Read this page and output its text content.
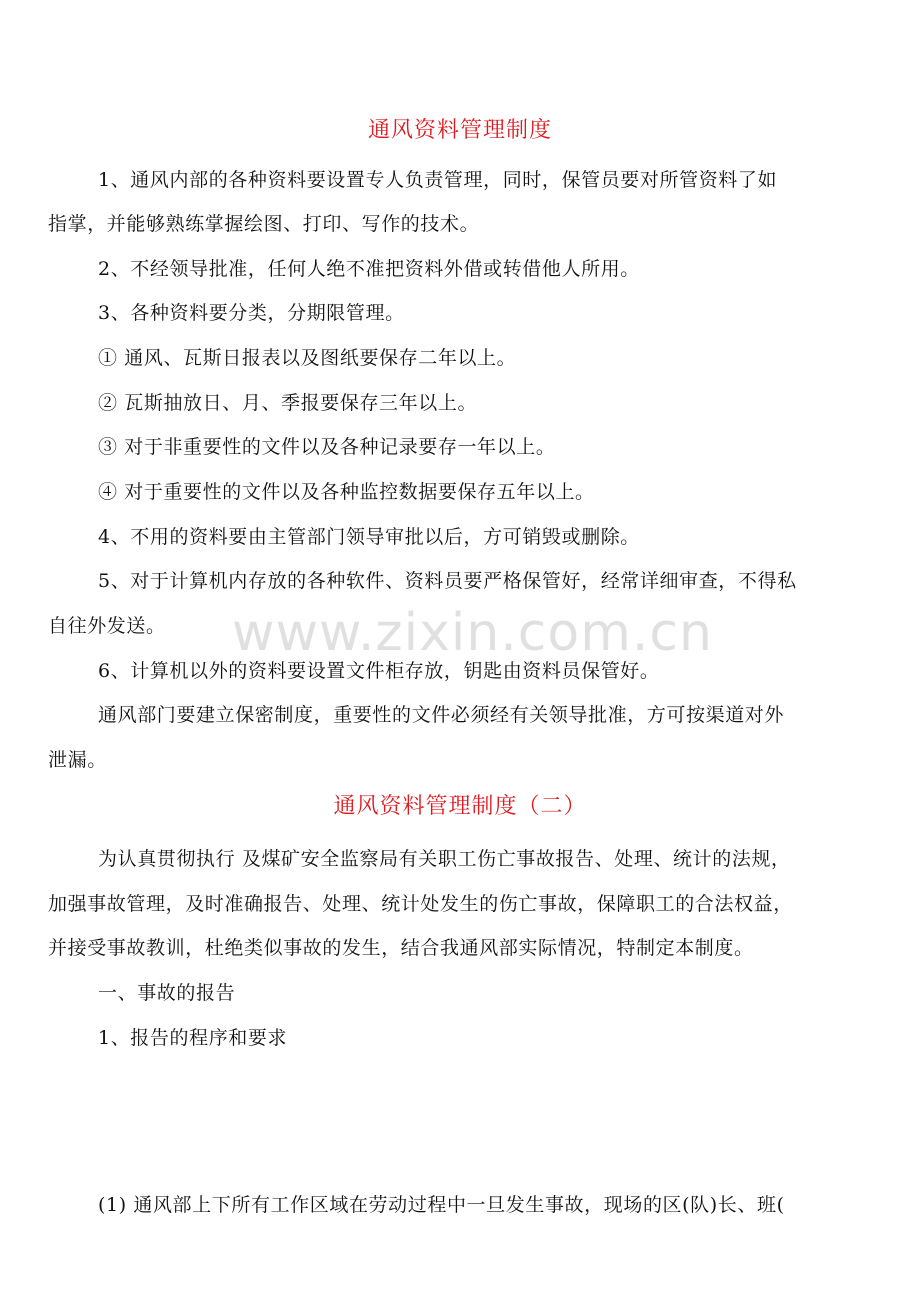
通风资料管理制度
1、通风内部的各种资料要设置专人负责管理，同时，保管员要对所管资料了如
指掌，并能够熟练掌握绘图、打印、写作的技术。
2、不经领导批准，任何人绝不准把资料外借或转借他人所用。
3、各种资料要分类，分期限管理。
① 通风、瓦斯日报表以及图纸要保存二年以上。
② 瓦斯抽放日、月、季报要保存三年以上。
③ 对于非重要性的文件以及各种记录要存一年以上。
④ 对于重要性的文件以及各种监控数据要保存五年以上。
4、不用的资料要由主管部门领导审批以后，方可销毁或删除。
5、对于计算机内存放的各种软件、资料员要严格保管好，经常详细审查，不得私
自往外发送。
6、计算机以外的资料要设置文件柜存放，钥匙由资料员保管好。
通风部门要建立保密制度，重要性的文件必须经有关领导批准，方可按渠道对外
泄漏。
通风资料管理制度（二）
为认真贯彻执行 及煤矿安全监察局有关职工伤亡事故报告、处理、统计的法规，
加强事故管理，及时准确报告、处理、统计处发生的伤亡事故，保障职工的合法权益，
并接受事故教训，杜绝类似事故的发生，结合我通风部实际情况，特制定本制度。
一、事故的报告
1、报告的程序和要求
(1) 通风部上下所有工作区域在劳动过程中一旦发生事故，现场的区(队)长、班(
www.zixin.com.cn
